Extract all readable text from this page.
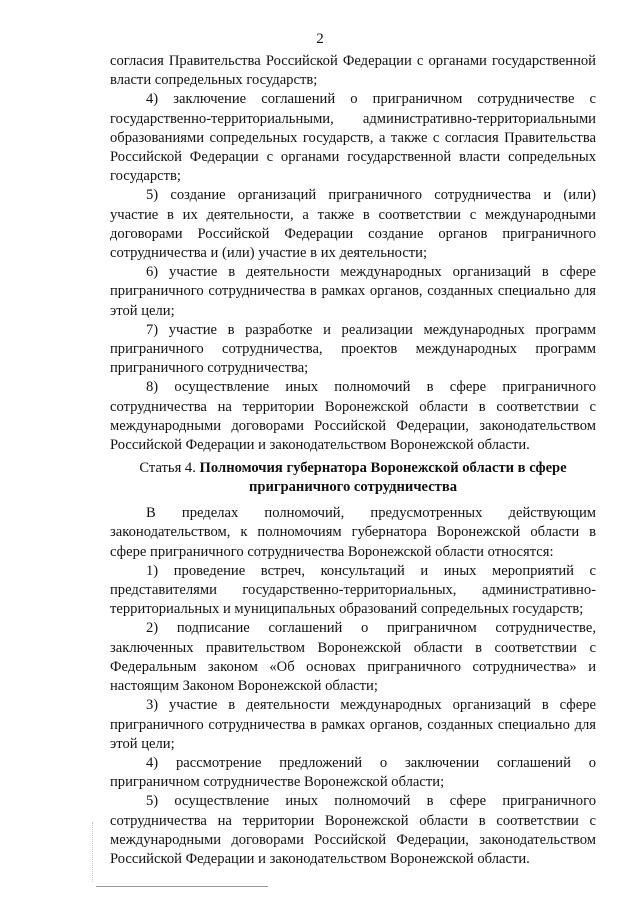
2

согласия Правительства Российской Федерации с органами государственной власти сопредельных государств;

4) заключение соглашений о приграничном сотрудничестве с государственно-территориальными, административно-территориальными образованиями сопредельных государств, а также с согласия Правительства Российской Федерации с органами государственной власти сопредельных государств;

5) создание организаций приграничного сотрудничества и (или) участие в их деятельности, а также в соответствии с международными договорами Российской Федерации создание органов приграничного сотрудничества и (или) участие в их деятельности;

6) участие в деятельности международных организаций в сфере приграничного сотрудничества в рамках органов, созданных специально для этой цели;

7) участие в разработке и реализации международных программ приграничного сотрудничества, проектов международных программ приграничного сотрудничества;

8) осуществление иных полномочий в сфере приграничного сотрудничества на территории Воронежской области в соответствии с международными договорами Российской Федерации, законодательством Российской Федерации и законодательством Воронежской области.

Статья 4. Полномочия губернатора Воронежской области в сфере приграничного сотрудничества

В пределах полномочий, предусмотренных действующим законодательством, к полномочиям губернатора Воронежской области в сфере приграничного сотрудничества Воронежской области относятся:

1) проведение встреч, консультаций и иных мероприятий с представителями государственно-территориальных, административно-территориальных и муниципальных образований сопредельных государств;

2) подписание соглашений о приграничном сотрудничестве, заключенных правительством Воронежской области в соответствии с Федеральным законом «Об основах приграничного сотрудничества» и настоящим Законом Воронежской области;

3) участие в деятельности международных организаций в сфере приграничного сотрудничества в рамках органов, созданных специально для этой цели;

4) рассмотрение предложений о заключении соглашений о приграничном сотрудничестве Воронежской области;

5) осуществление иных полномочий в сфере приграничного сотрудничества на территории Воронежской области в соответствии с международными договорами Российской Федерации, законодательством Российской Федерации и законодательством Воронежской области.
